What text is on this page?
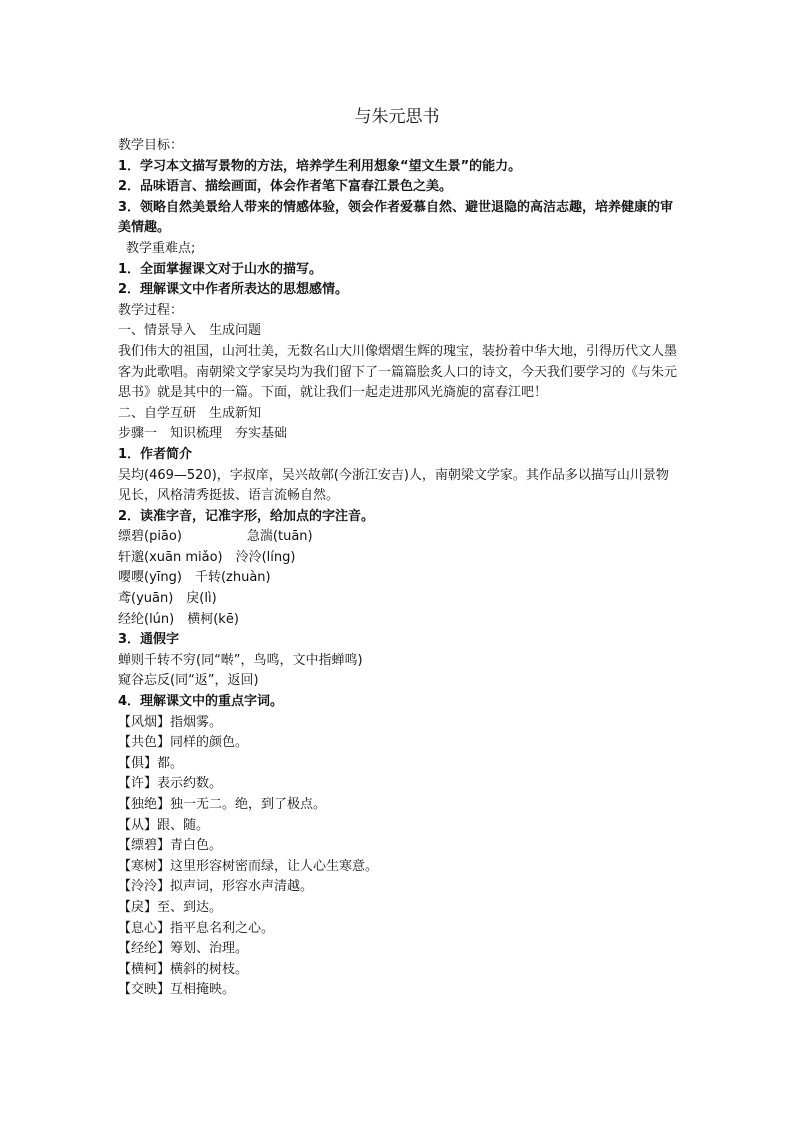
与朱元思书

教学目标：

1．学习本文描写景物的方法，培养学生利用想象“望文生景”的能力。

2．品味语言、描绘画面，体会作者笔下富春江景色之美。

3．领略自然美景给人带来的情感体验，领会作者爱慕自然、避世退隐的高洁志趣，培养健康的审美情趣。

教学重难点;

1．全面掌握课文对于山水的描写。

2．理解课文中作者所表达的思想感情。

教学过程：

一、情景导入　生成问题

我们伟大的祖国，山河壮美，无数名山大川像熠熠生辉的瑰宝，装扮着中华大地，引得历代文人墨客为此歌唱。南朝梁文学家吴均为我们留下了一篇篇脍炙人口的诗文，今天我们要学习的《与朱元思书》就是其中的一篇。下面，就让我们一起走进那风光旖旎的富春江吧！

二、自学互研　生成新知

步骤一　知识梳理　夯实基础

1．作者简介

吴均(469—520)，字叔庠，吴兴故鄣(今浙江安吉)人，南朝梁文学家。其作品多以描写山川景物见长，风格清秀挺拔、语言流畅自然。

2．读准字音，记准字形，给加点的字注音。

缥碧(piāo)　　　　　急湍(tuān)

轩邈(xuān miǎo)　泠泠(líng)

嘤嘤(yīng)　千转(zhuàn)

鸢(yuān)　戾(lì)

经纶(lún)　横柯(kē)

3．通假字

蝉则千转不穷(同“啭”，鸟鸣，文中指蝉鸣)

窥谷忘反(同“返”，返回)

4．理解课文中的重点字词。

【风烟】指烟雾。

【共色】同样的颜色。

【俱】都。

【许】表示约数。

【独绝】独一无二。绝，到了极点。

【从】跟、随。

【缥碧】青白色。

【寒树】这里形容树密而绿，让人心生寒意。

【泠泠】拟声词，形容水声清越。

【戾】至、到达。

【息心】指平息名利之心。

【经纶】筹划、治理。

【横柯】横斜的树枝。

【交映】互相掩映。
